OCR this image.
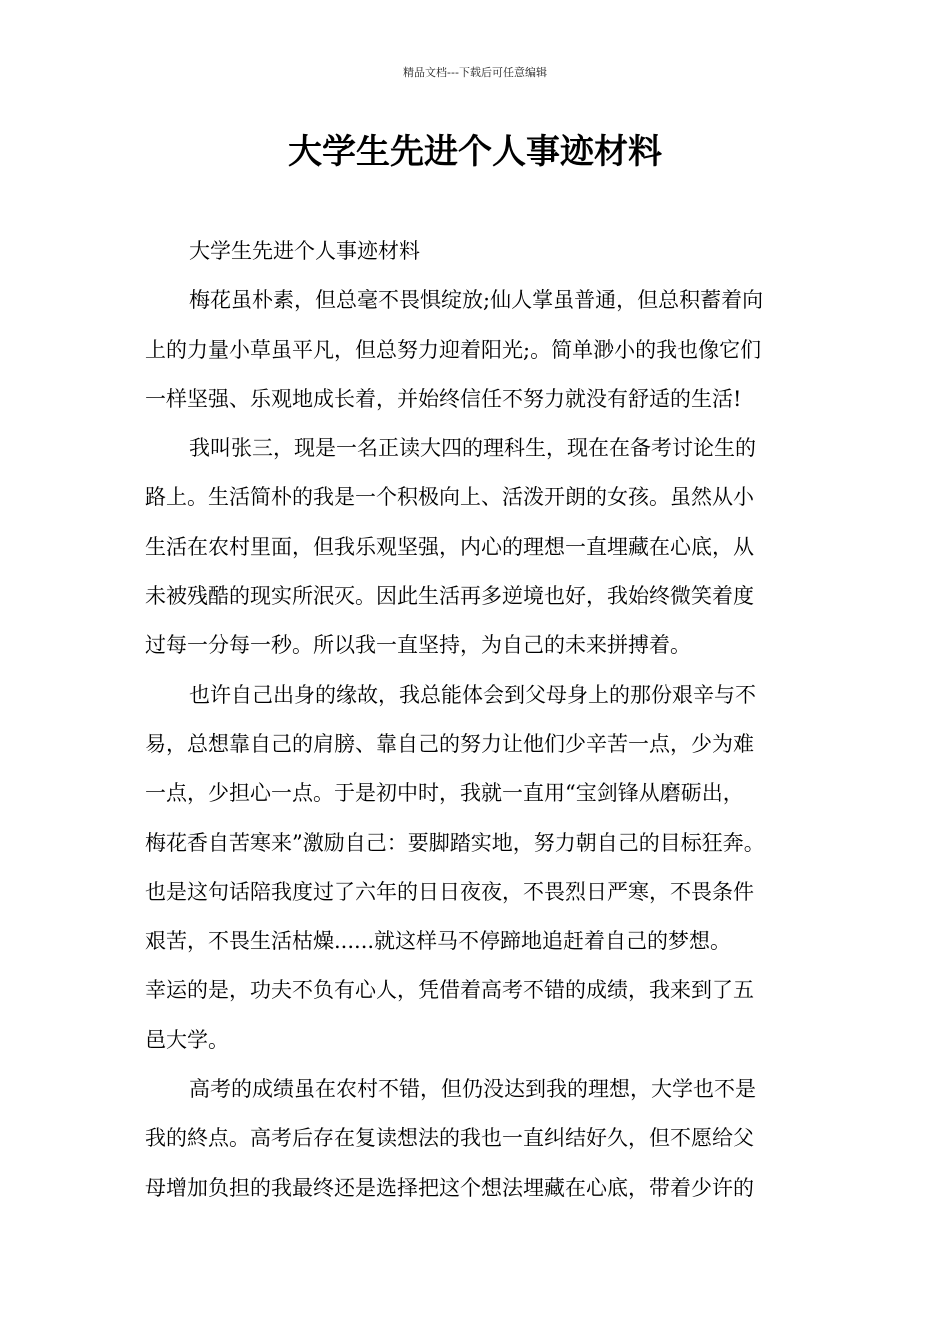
精品文档---下载后可任意编辑
大学生先进个人事迹材料
大学生先进个人事迹材料
梅花虽朴素，但总毫不畏惧绽放;仙人掌虽普通，但总积蓄着向
上的力量小草虽平凡，但总努力迎着阳光;。简单渺小的我也像它们
一样坚强、乐观地成长着，并始终信任不努力就没有舒适的生活!
我叫张三，现是一名正读大四的理科生，现在在备考讨论生的
路上。生活简朴的我是一个积极向上、活泼开朗的女孩。虽然从小
生活在农村里面，但我乐观坚强，内心的理想一直埋藏在心底，从
未被残酷的现实所泯灭。因此生活再多逆境也好，我始终微笑着度
过每一分每一秒。所以我一直坚持，为自己的未来拼搏着。
也许自己出身的缘故，我总能体会到父母身上的那份艰辛与不
易，总想靠自己的肩膀、靠自己的努力让他们少辛苦一点，少为难
一点，少担心一点。于是初中时，我就一直用“宝剑锋从磨砺出，
梅花香自苦寒来”激励自己：要脚踏实地，努力朝自己的目标狂奔。
也是这句话陪我度过了六年的日日夜夜，不畏烈日严寒，不畏条件
艰苦，不畏生活枯燥......就这样马不停蹄地追赶着自己的梦想。
幸运的是，功夫不负有心人，凭借着高考不错的成绩，我来到了五
邑大学。
高考的成绩虽在农村不错，但仍没达到我的理想，大学也不是
我的終点。高考后存在复读想法的我也一直纠结好久，但不愿给父
母增加负担的我最终还是选择把这个想法埋藏在心底，带着少许的
